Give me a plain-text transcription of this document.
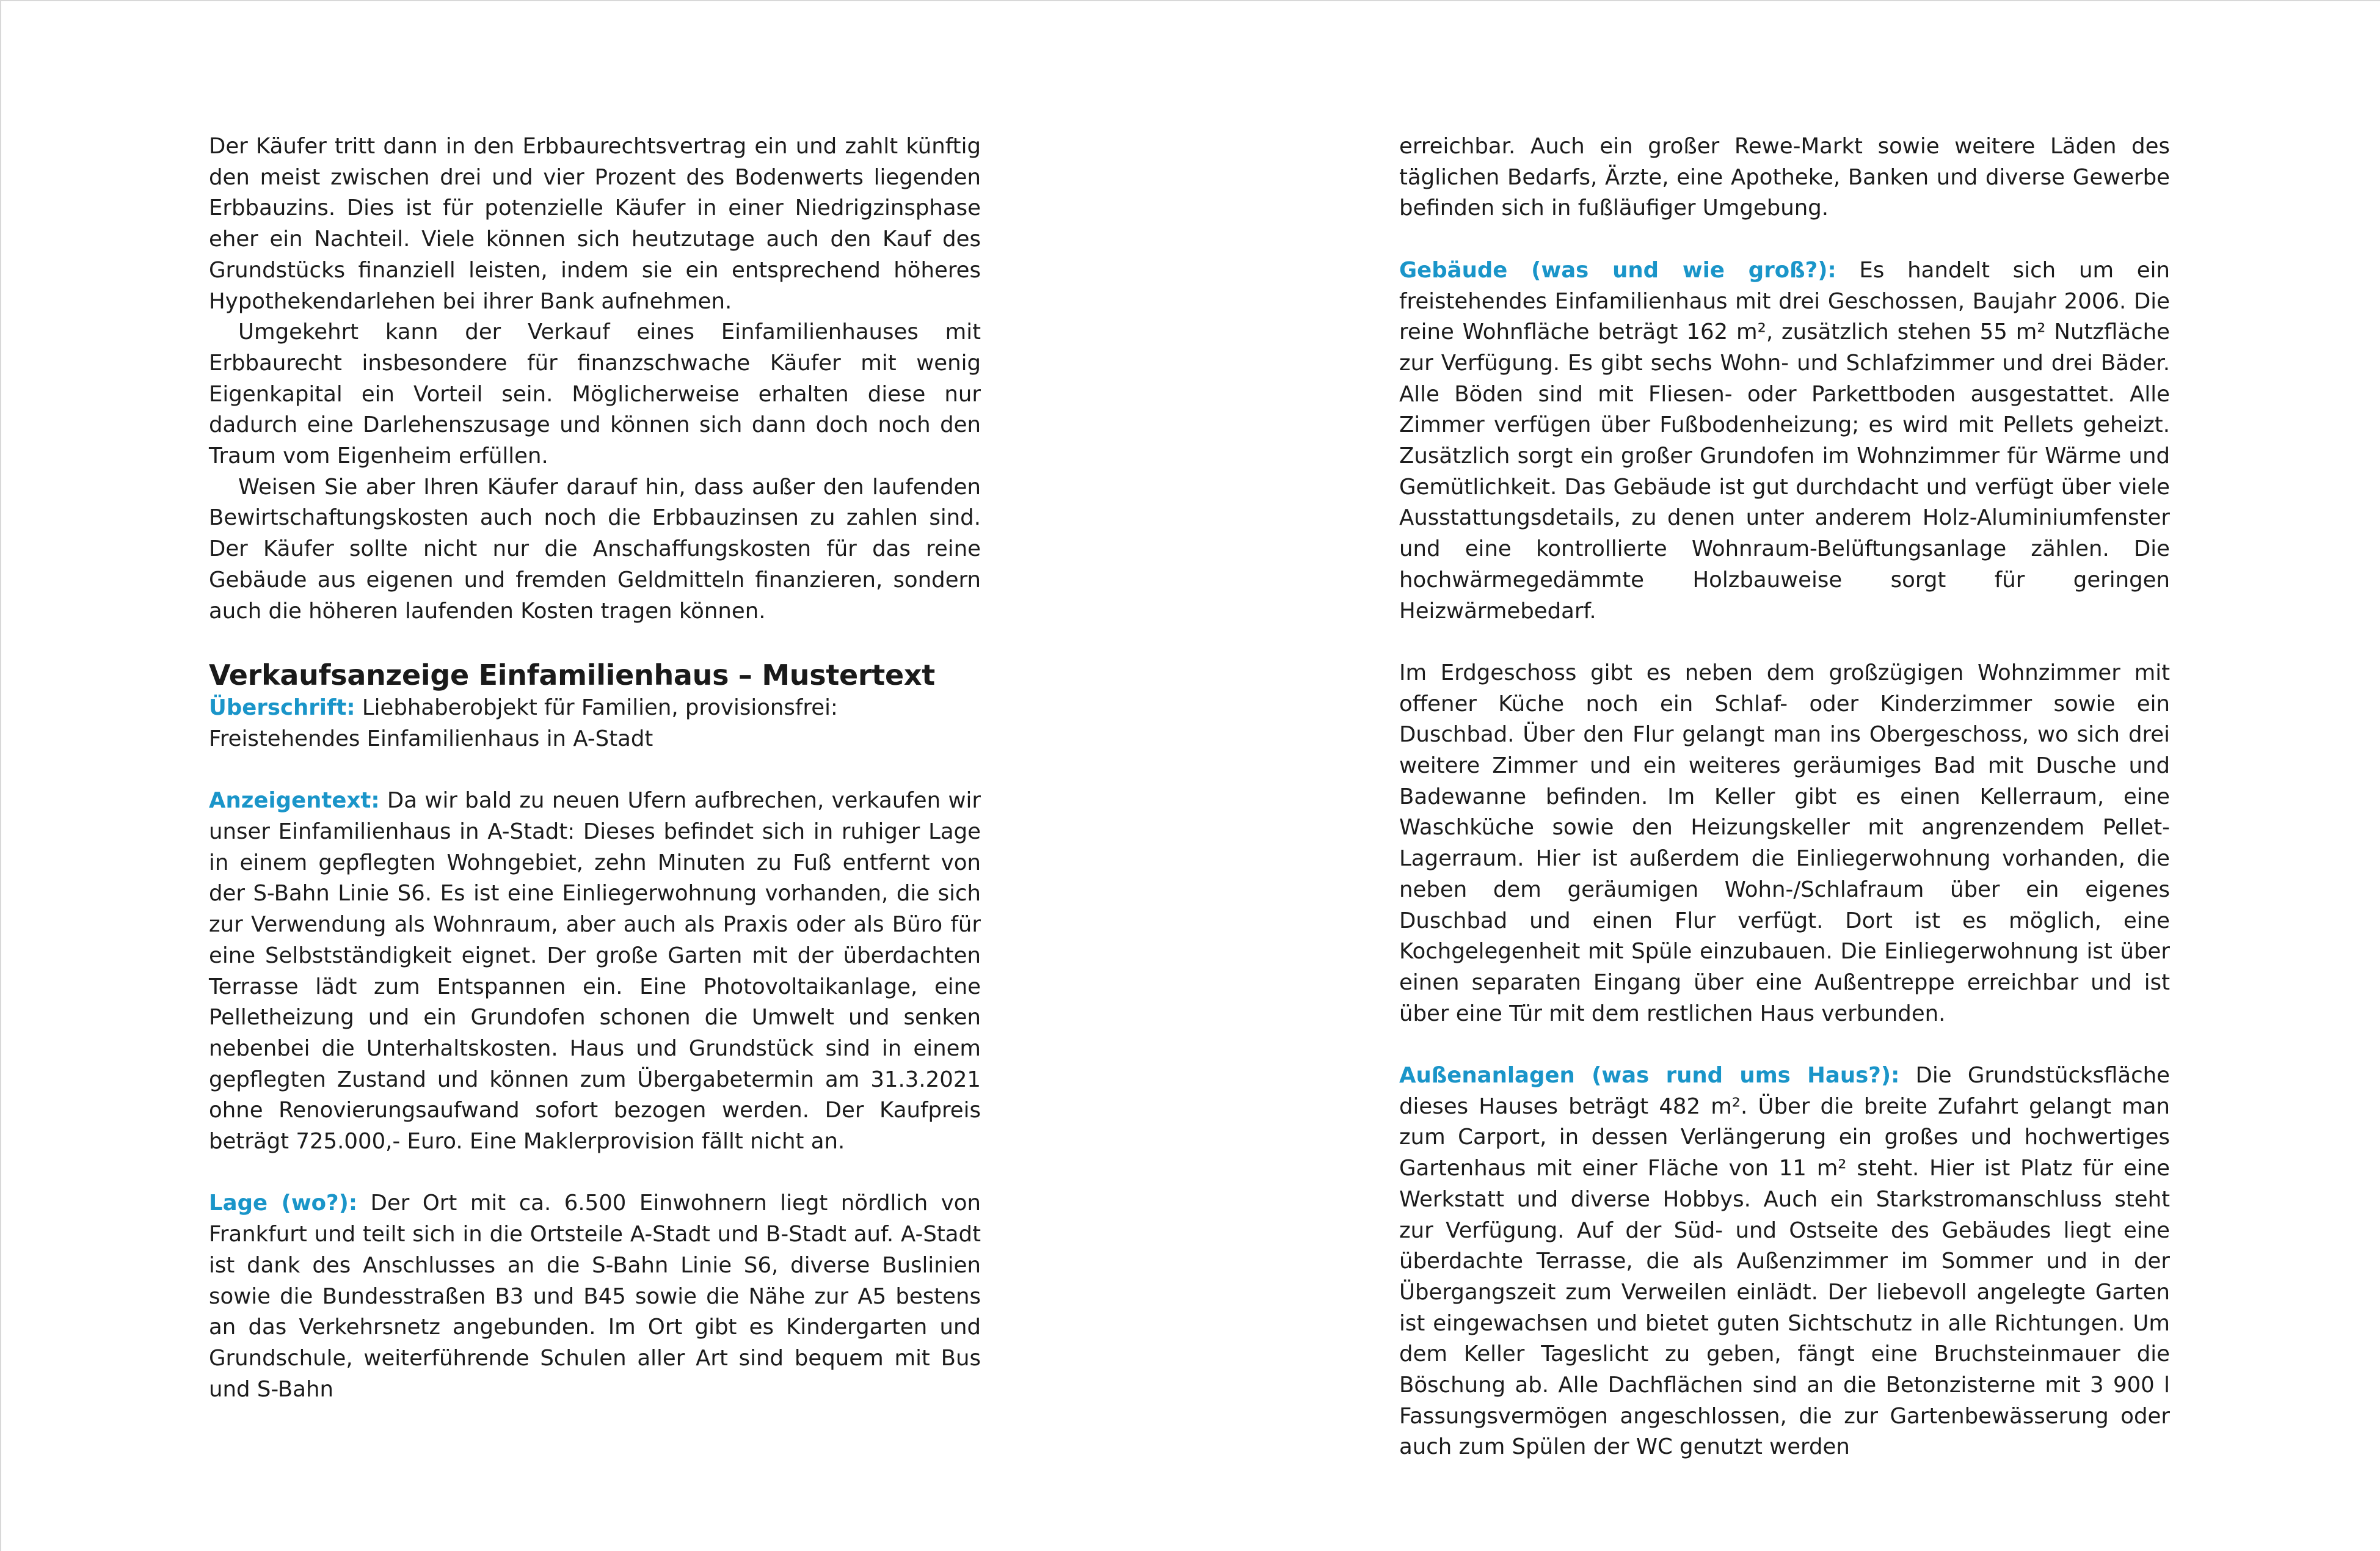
Der Käufer tritt dann in den Erbbaurechtsvertrag ein und zahlt künftig den meist zwischen drei und vier Prozent des Bodenwerts liegenden Erbbauzins. Dies ist für potenzielle Käufer in einer Niedrigzinsphase eher ein Nachteil. Viele können sich heutzutage auch den Kauf des Grundstücks finanziell leisten, indem sie ein entsprechend höheres Hypothekendarlehen bei ihrer Bank aufnehmen.

Umgekehrt kann der Verkauf eines Einfamilienhauses mit Erbbaurecht insbesondere für finanzschwache Käufer mit wenig Eigenkapital ein Vorteil sein. Möglicherweise erhalten diese nur dadurch eine Darlehenszusage und können sich dann doch noch den Traum vom Eigenheim erfüllen.

Weisen Sie aber Ihren Käufer darauf hin, dass außer den laufenden Bewirtschaftungskosten auch noch die Erbbauzinsen zu zahlen sind. Der Käufer sollte nicht nur die Anschaffungskosten für das reine Gebäude aus eigenen und fremden Geldmitteln finanzieren, sondern auch die höheren laufenden Kosten tragen können.

Verkaufsanzeige Einfamilienhaus – Mustertext

Überschrift: Liebhaberobjekt für Familien, provisionsfrei: Freistehendes Einfamilienhaus in A-Stadt

Anzeigentext: Da wir bald zu neuen Ufern aufbrechen, verkaufen wir unser Einfamilienhaus in A-Stadt: Dieses befindet sich in ruhiger Lage in einem gepflegten Wohngebiet, zehn Minuten zu Fuß entfernt von der S-Bahn Linie S6. Es ist eine Einliegerwohnung vorhanden, die sich zur Verwendung als Wohnraum, aber auch als Praxis oder als Büro für eine Selbstständigkeit eignet. Der große Garten mit der überdachten Terrasse lädt zum Entspannen ein. Eine Photovoltaikanlage, eine Pelletheizung und ein Grundofen schonen die Umwelt und senken nebenbei die Unterhaltskosten. Haus und Grundstück sind in einem gepflegten Zustand und können zum Übergabetermin am 31.3.2021 ohne Renovierungsaufwand sofort bezogen werden. Der Kaufpreis beträgt 725.000,- Euro. Eine Maklerprovision fällt nicht an.

Lage (wo?): Der Ort mit ca. 6.500 Einwohnern liegt nördlich von Frankfurt und teilt sich in die Ortsteile A-Stadt und B-Stadt auf. A-Stadt ist dank des Anschlusses an die S-Bahn Linie S6, diverse Buslinien sowie die Bundesstraßen B3 und B45 sowie die Nähe zur A5 bestens an das Verkehrsnetz angebunden. Im Ort gibt es Kindergarten und Grundschule, weiterführende Schulen aller Art sind bequem mit Bus und S-Bahn

erreichbar. Auch ein großer Rewe-Markt sowie weitere Läden des täglichen Bedarfs, Ärzte, eine Apotheke, Banken und diverse Gewerbe befinden sich in fußläufiger Umgebung.

Gebäude (was und wie groß?): Es handelt sich um ein freistehendes Einfamilienhaus mit drei Geschossen, Baujahr 2006. Die reine Wohnfläche beträgt 162 m², zusätzlich stehen 55 m² Nutzfläche zur Verfügung. Es gibt sechs Wohn- und Schlafzimmer und drei Bäder. Alle Böden sind mit Fliesen- oder Parkettboden ausgestattet. Alle Zimmer verfügen über Fußbodenheizung; es wird mit Pellets geheizt. Zusätzlich sorgt ein großer Grundofen im Wohnzimmer für Wärme und Gemütlichkeit. Das Gebäude ist gut durchdacht und verfügt über viele Ausstattungsdetails, zu denen unter anderem Holz-Aluminiumfenster und eine kontrollierte Wohnraum-Belüftungsanlage zählen. Die hochwärmegedämmte Holzbauweise sorgt für geringen Heizwärmebedarf.

Im Erdgeschoss gibt es neben dem großzügigen Wohnzimmer mit offener Küche noch ein Schlaf- oder Kinderzimmer sowie ein Duschbad. Über den Flur gelangt man ins Obergeschoss, wo sich drei weitere Zimmer und ein weiteres geräumiges Bad mit Dusche und Badewanne befinden. Im Keller gibt es einen Kellerraum, eine Waschküche sowie den Heizungskeller mit angrenzendem Pellet-Lagerraum. Hier ist außerdem die Einliegerwohnung vorhanden, die neben dem geräumigen Wohn-/Schlafraum über ein eigenes Duschbad und einen Flur verfügt. Dort ist es möglich, eine Kochgelegenheit mit Spüle einzubauen. Die Einliegerwohnung ist über einen separaten Eingang über eine Außentreppe erreichbar und ist über eine Tür mit dem restlichen Haus verbunden.

Außenanlagen (was rund ums Haus?): Die Grundstücksfläche dieses Hauses beträgt 482 m². Über die breite Zufahrt gelangt man zum Carport, in dessen Verlängerung ein großes und hochwertiges Gartenhaus mit einer Fläche von 11 m² steht. Hier ist Platz für eine Werkstatt und diverse Hobbys. Auch ein Starkstromanschluss steht zur Verfügung. Auf der Süd- und Ostseite des Gebäudes liegt eine überdachte Terrasse, die als Außenzimmer im Sommer und in der Übergangszeit zum Verweilen einlädt. Der liebevoll angelegte Garten ist eingewachsen und bietet guten Sichtschutz in alle Richtungen. Um dem Keller Tageslicht zu geben, fängt eine Bruchsteinmauer die Böschung ab. Alle Dachflächen sind an die Betonzisterne mit 3 900 l Fassungsvermögen angeschlossen, die zur Gartenbewässerung oder auch zum Spülen der WC genutzt werden
